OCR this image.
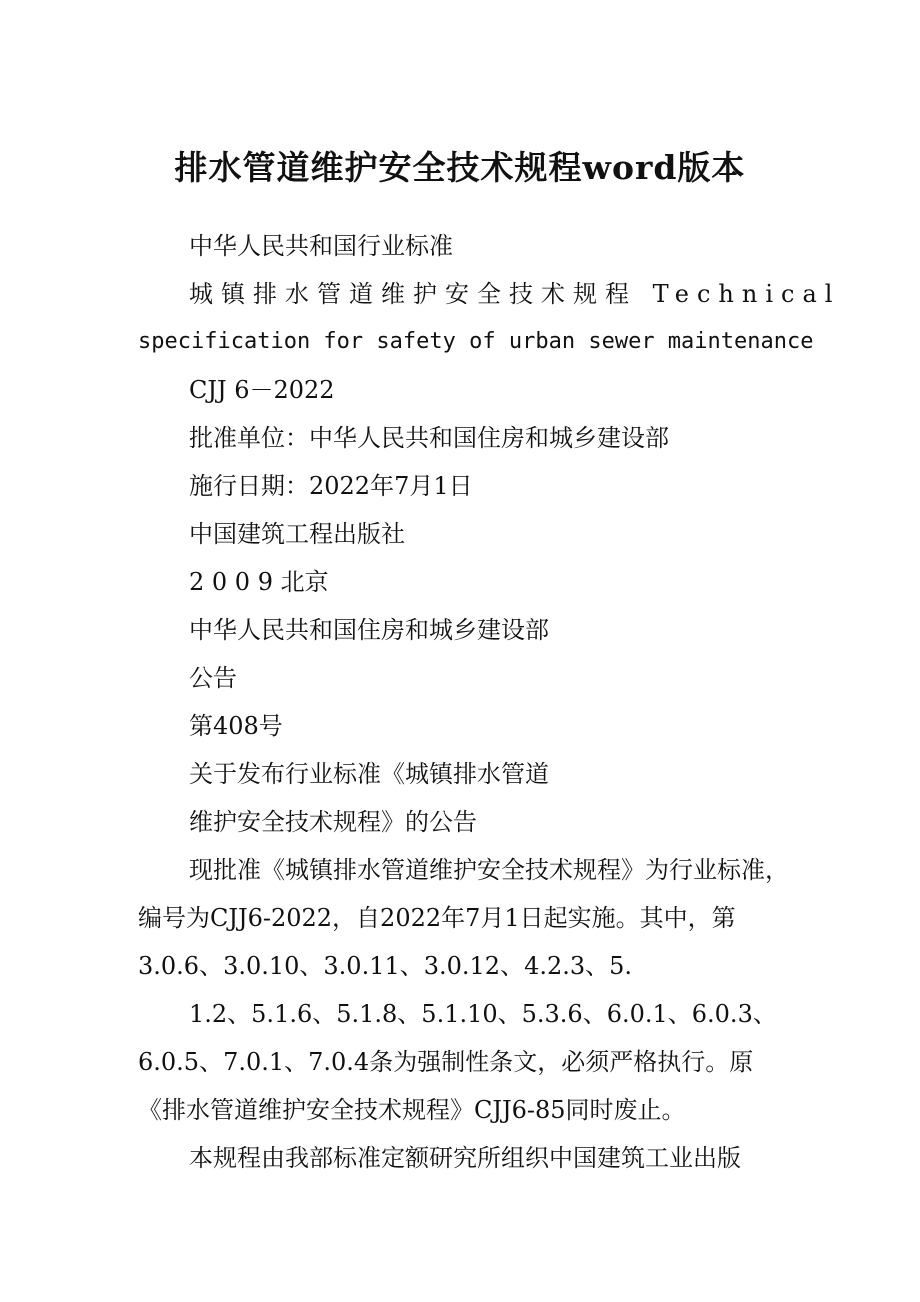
排水管道维护安全技术规程word版本
中华人民共和国行业标准
城镇排水管道维护安全技术规程 Technical
specification for safety of urban sewer maintenance
CJJ 6－2022
批准单位：中华人民共和国住房和城乡建设部
施行日期：2022年7月1日
中国建筑工程出版社
2 0 0 9 北京
中华人民共和国住房和城乡建设部
公告
第408号
关于发布行业标准《城镇排水管道
维护安全技术规程》的公告
现批准《城镇排水管道维护安全技术规程》为行业标准，
编号为CJJ6-2022，自2022年7月1日起实施。其中，第
3.0.6、3.0.10、3.0.11、3.0.12、4.2.3、5.
1.2、5.1.6、5.1.8、5.1.10、5.3.6、6.0.1、6.0.3、
6.0.5、7.0.1、7.0.4条为强制性条文，必须严格执行。原
《排水管道维护安全技术规程》CJJ6-85同时废止。
本规程由我部标准定额研究所组织中国建筑工业出版
